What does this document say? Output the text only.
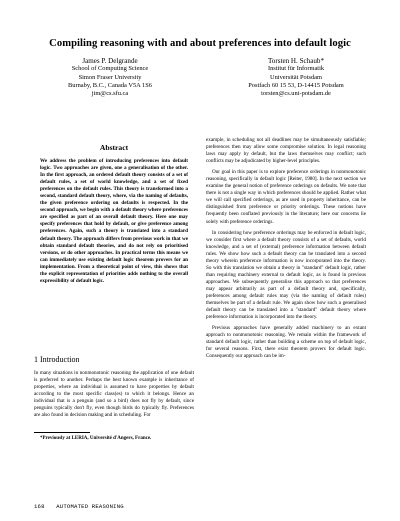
Compiling reasoning with and about preferences into default logic
James P. Delgrande
School of Computing Science
Simon Fraser University
Burnaby, B.C., Canada V5A 1S6
jim@cs.sfu.ca
Torsten H. Schaub*
Institut für Informatik
Universität Potsdam
Postfach 60 15 53, D-14415 Potsdam
torsten@cs.uni-potsdam.de
Abstract

We address the problem of introducing preferences into default logic. Two approaches are given, one a generalisation of the other. In the first approach, an ordered default theory consists of a set of default rules, a set of world knowledge, and a set of fixed preferences on the default rules. This theory is transformed into a second, standard default theory, where, via the naming of defaults, the given preference ordering on defaults is respected. In the second approach, we begin with a default theory where preferences are specified as part of an overall default theory. Here one may specify preferences that hold by default, or give preference among preferences. Again, such a theory is translated into a standard default theory. The approach differs from previous work in that we obtain standard default theories, and do not rely on prioritised versions, or do other approaches. In practical terms this means we can immediately use existing default logic theorem provers for an implementation. From a theoretical point of view, this shows that the explicit representation of priorities adds nothing to the overall expressibility of default logic.

1 Introduction

In many situations in nonmonotonic reasoning the application of one default is preferred to another. Perhaps the best known example is inheritance of properties, where an individual is assumed to have properties by default according to the most specific class(es) to which it belongs. Hence an individual that is a penguin (and so a bird) does not fly by default, since penguins typically don't fly, even though birds do typically fly. Preferences are also found in decision making and in scheduling. For

*Previously at LERIA, Université d'Angers, France.

example, in scheduling not all deadlines may be simultaneously satisfiable; preferences then may allow some compromise solution. In legal reasoning laws may apply by default, but the laws themselves may conflict; such conflicts may be adjudicated by higher-level principles.

Our goal in this paper is to explore preference orderings in nonmonotonic reasoning, specifically in default logic [Reiter, 1980]. In the next section we examine the general notion of preference orderings on defaults. We note that there is not a single way in which preferences should be applied. Rather what we will call specified orderings, as are used in property inheritance, can be distinguished from preference or priority orderings. These notions have frequently been conflated previously in the literature; here our concerns lie solely with preference orderings.

In considering how preference orderings may be enforced in default logic, we consider first where a default theory consists of a set of defaults, world knowledge, and a set of (external) preference information between default rules. We show how such a default theory can be translated into a second theory wherein preference information is now incorporated into the theory. So with this translation we obtain a theory in "standard" default logic, rather than requiring machinery external to default logic, as is found in previous approaches. We subsequently generalise this approach so that preferences may appear arbitrarily as part of a default theory and, specifically, preferences among default rules may (via the naming of default rules) themselves be part of a default rule. We again show how such a generalised default theory can be translated into a "standard" default theory where preference information is incorporated into the theory.

Previous approaches have generally added machinery to an extant approach to nonmonotonic reasoning. We remain within the framework of standard default logic, rather than building a scheme on top of default logic, for several reasons. First, there exist theorem provers for default logic. Consequently our approach can be im-

168 AUTOMATED REASONING
